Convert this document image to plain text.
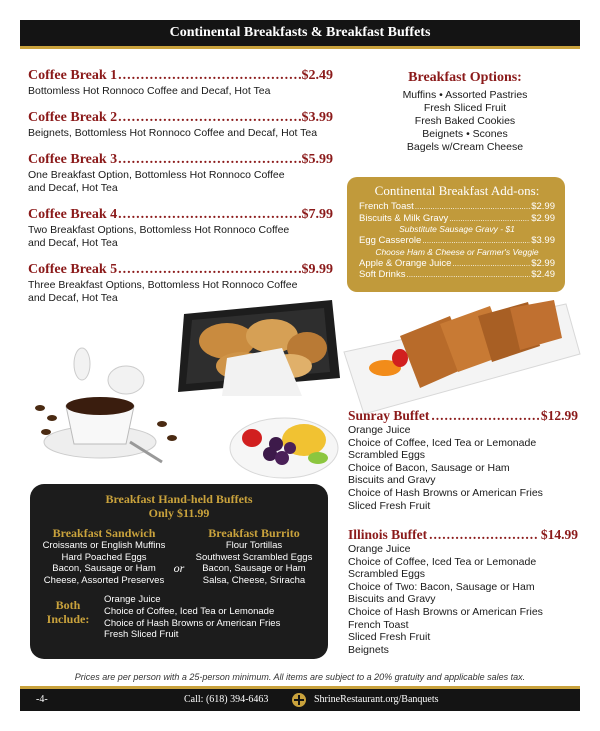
Continental Breakfasts & Breakfast Buffets
Coffee Break 1 .....	$2.49
Bottomless Hot Ronnoco Coffee and Decaf, Hot Tea
Coffee Break 2 .....	$3.99
Beignets, Bottomless Hot Ronnoco Coffee and Decaf, Hot Tea
Coffee Break 3 .....	$5.99
One Breakfast Option, Bottomless Hot Ronnoco Coffee
and Decaf, Hot Tea
Coffee Break 4 .....	$7.99
Two Breakfast Options, Bottomless Hot Ronnoco Coffee
and Decaf, Hot Tea
Coffee Break 5 .....	$9.99
Three Breakfast Options, Bottomless Hot Ronnoco Coffee
and Decaf, Hot Tea
Breakfast Options:
Muffins • Assorted Pastries
Fresh Sliced Fruit
Fresh Baked Cookies
Beignets • Scones
Bagels w/Cream Cheese
Continental Breakfast Add-ons:
French Toast .....	$2.99
Biscuits & Milk Gravy .....	$2.99
Substitute Sausage Gravy - $1
Egg Casserole .....	$3.99
Choose Ham & Cheese or Farmer's Veggie
Apple & Orange Juice .....	$2.99
Soft Drinks .....	$2.49
Breakfast Hand-held Buffets
Only $11.99
Breakfast Sandwich
Croissants or English Muffins
Hard Poached Eggs
Bacon, Sausage or Ham
Cheese, Assorted Preserves
or
Breakfast Burrito
Flour Tortillas
Southwest Scrambled Eggs
Bacon, Sausage or Ham
Salsa, Cheese, Sriracha
Both
Include:
Orange Juice
Choice of Coffee, Iced Tea or Lemonade
Choice of Hash Browns or American Fries
Fresh Sliced Fruit
Sunray Buffet .....	$12.99
Orange Juice
Choice of Coffee, Iced Tea or Lemonade
Scrambled Eggs
Choice of Bacon, Sausage or Ham
Biscuits and Gravy
Choice of Hash Browns or American Fries
Sliced Fresh Fruit
Illinois Buffet .....	$14.99
Orange Juice
Choice of Coffee, Iced Tea or Lemonade
Scrambled Eggs
Choice of Two: Bacon, Sausage or Ham
Biscuits and Gravy
Choice of Hash Browns or American Fries
French Toast
Sliced Fresh Fruit
Beignets
Prices are per person with a 25-person minimum. All items are subject to a 20% gratuity and applicable sales tax.
-4-	Call: (618) 394-6463	ShrineRestaurant.org/Banquets
